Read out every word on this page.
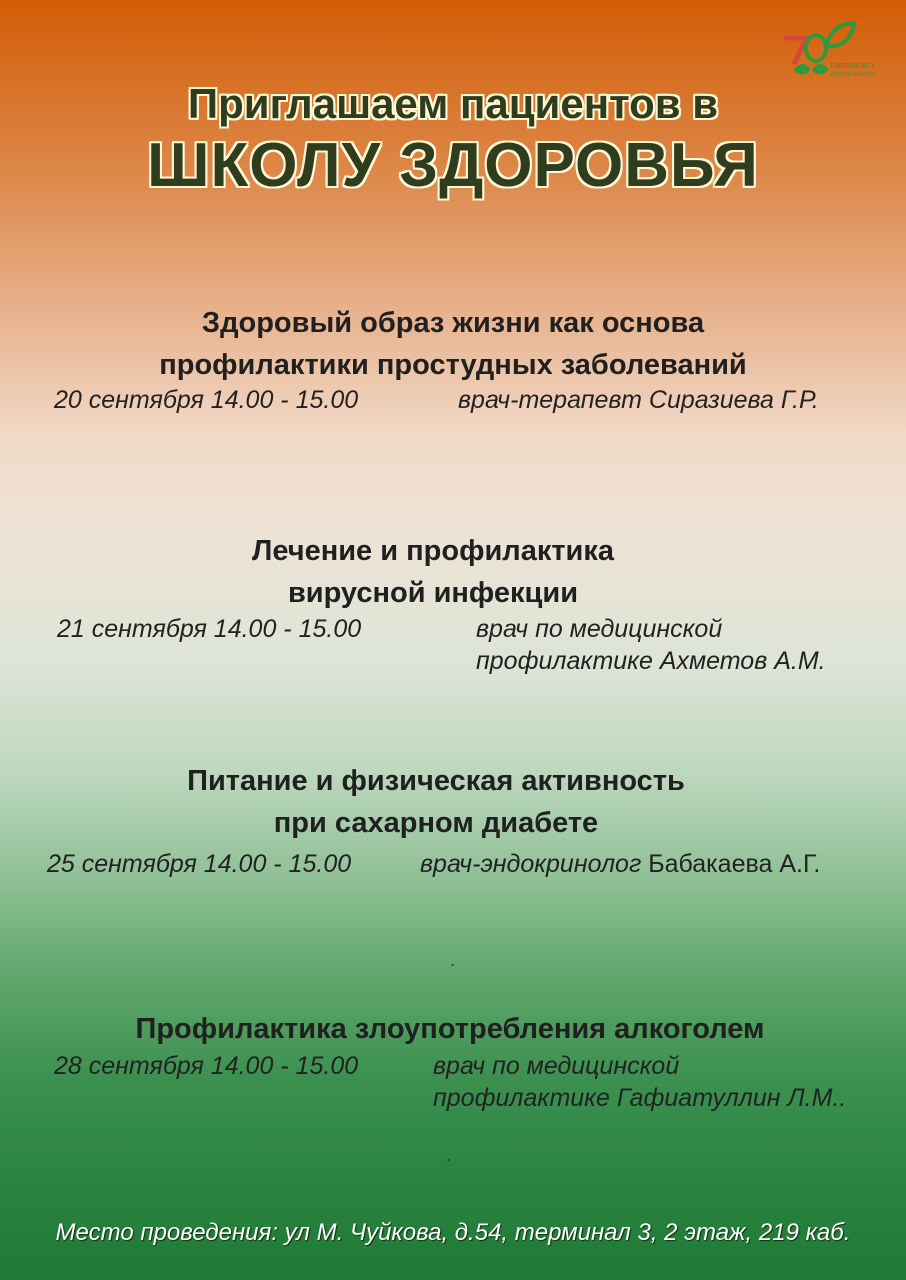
EMERGENCY
MEDICAL CENTER
Приглашаем пациентов в
ШКОЛУ ЗДОРОВЬЯ
Здоровый образ жизни как основа
профилактики простудных заболеваний
20 сентября 14.00 - 15.00	врач-терапевт Сиразиева Г.Р.
Лечение и профилактика
вирусной инфекции
21 сентября 14.00 - 15.00	врач по медицинской
профилактике Ахметов А.М.
Питание и физическая активность
при сахарном диабете
25 сентября 14.00 - 15.00	врач-эндокринолог Бабакаева А.Г.
.
Профилактика злоупотребления алкоголем
28 сентября 14.00 - 15.00	врач по медицинской
профилактике Гафиатуллин Л.М..
.
Место проведения: ул М. Чуйкова, д.54, терминал 3, 2 этаж, 219 каб.
